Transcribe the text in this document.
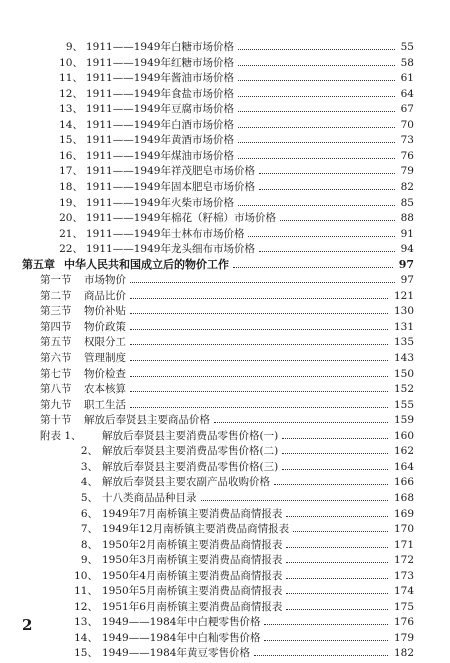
9、 1911——1949年白糖市场价格	55
10、 1911——1949年红糖市场价格	58
11、 1911——1949年酱油市场价格	61
12、 1911——1949年食盐市场价格	64
13、 1911——1949年豆腐市场价格	67
14、 1911——1949年白酒市场价格	70
15、 1911——1949年黄酒市场价格	73
16、 1911——1949年煤油市场价格	76
17、 1911——1949年祥茂肥皂市场价格	79
18、 1911——1949年固本肥皂市场价格	82
19、 1911——1949年火柴市场价格	85
20、 1911——1949年棉花（籽棉）市场价格	88
21、 1911——1949年士林布市场价格	91
22、 1911——1949年龙头细布市场价格	94
第五章 中华人民共和国成立后的物价工作	97
第一节	市场物价	97
第二节	商品比价	121
第三节	物价补贴	130
第四节	物价政策	131
第五节	权限分工	135
第六节	管理制度	143
第七节	物价检查	150
第八节	农本核算	152
第九节	职工生活	155
第十节	解放后奉贤县主要商品价格	159
附表 1、	解放后奉贤县主要消费品零售价格(一)	160
2、 解放后奉贤县主要消费品零售价格(二)	162
3、 解放后奉贤县主要消费品零售价格(三)	164
4、 解放后奉贤县主要农副产品收购价格	166
5、 十八类商品品种目录	168
6、 1949年7月南桥镇主要消费品商情报表	169
7、 1949年12月南桥镇主要消费品商情报表	170
8、 1950年2月南桥镇主要消费品商情报表	171
9、 1950年3月南桥镇主要消费品商情报表	172
10、 1950年4月南桥镇主要消费品商情报表	173
11、 1950年5月南桥镇主要消费品商情报表	174
12、 1951年6月南桥镇主要消费品商情报表	175
13、 1949——1984年中白粳零售价格	176
14、 1949——1984年中白籼零售价格	179
15、 1949——1984年黄豆零售价格	182
2
